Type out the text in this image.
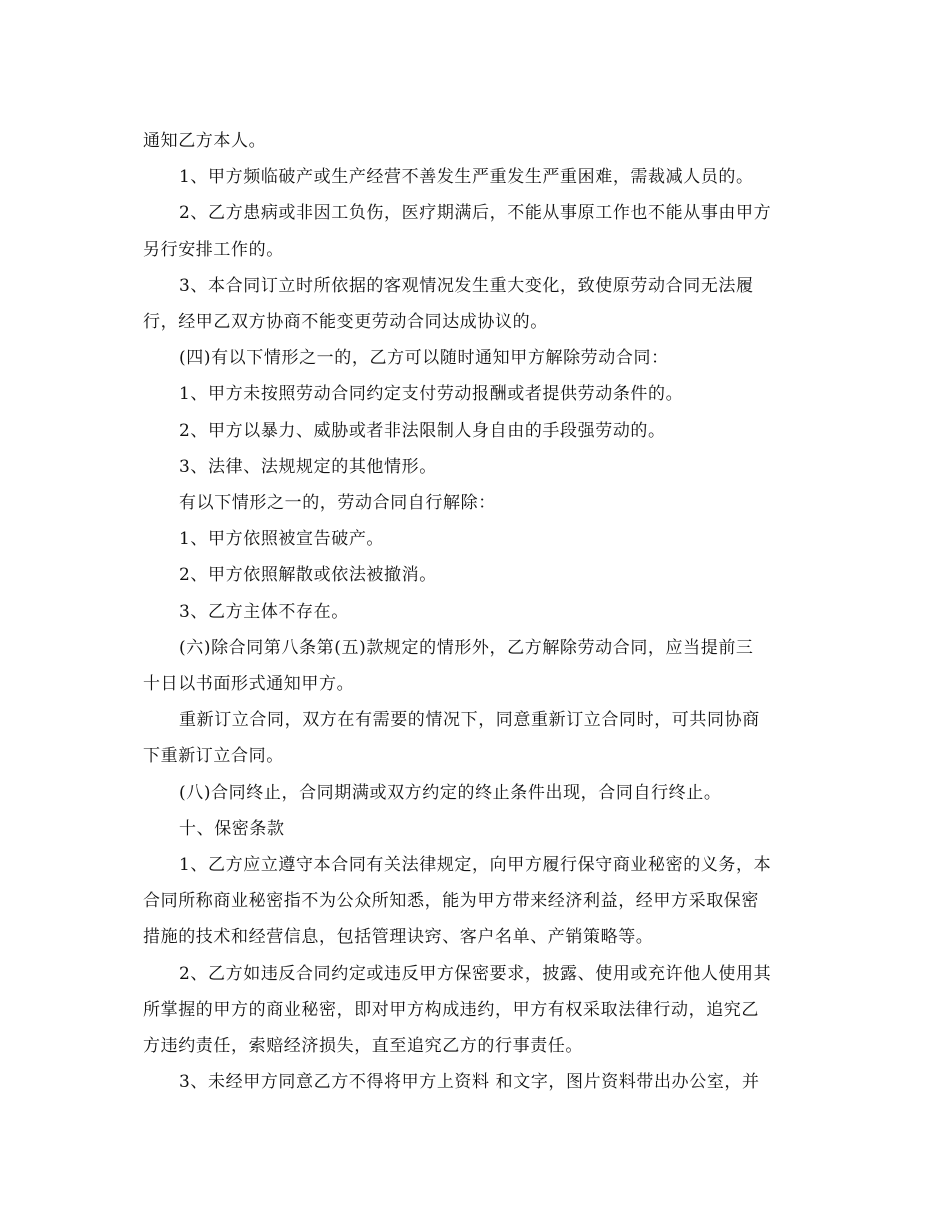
通知乙方本人。
1、甲方频临破产或生产经营不善发生严重发生严重困难，需裁减人员的。
2、乙方患病或非因工负伤，医疗期满后，不能从事原工作也不能从事由甲方
另行安排工作的。
3、本合同订立时所依据的客观情况发生重大变化，致使原劳动合同无法履
行，经甲乙双方协商不能变更劳动合同达成协议的。
(四)有以下情形之一的，乙方可以随时通知甲方解除劳动合同：
1、甲方未按照劳动合同约定支付劳动报酬或者提供劳动条件的。
2、甲方以暴力、威胁或者非法限制人身自由的手段强劳动的。
3、法律、法规规定的其他情形。
有以下情形之一的，劳动合同自行解除：
1、甲方依照被宣告破产。
2、甲方依照解散或依法被撤消。
3、乙方主体不存在。
(六)除合同第八条第(五)款规定的情形外，乙方解除劳动合同，应当提前三
十日以书面形式通知甲方。
重新订立合同，双方在有需要的情况下，同意重新订立合同时，可共同协商
下重新订立合同。
(八)合同终止，合同期满或双方约定的终止条件出现，合同自行终止。
十、保密条款
1、乙方应立遵守本合同有关法律规定，向甲方履行保守商业秘密的义务，本
合同所称商业秘密指不为公众所知悉，能为甲方带来经济利益，经甲方采取保密
措施的技术和经营信息，包括管理诀窍、客户名单、产销策略等。
2、乙方如违反合同约定或违反甲方保密要求，披露、使用或充许他人使用其
所掌握的甲方的商业秘密，即对甲方构成违约，甲方有权采取法律行动，追究乙
方违约责任，索赔经济损失，直至追究乙方的行事责任。
3、未经甲方同意乙方不得将甲方上资料 和文字，图片资料带出办公室，并
